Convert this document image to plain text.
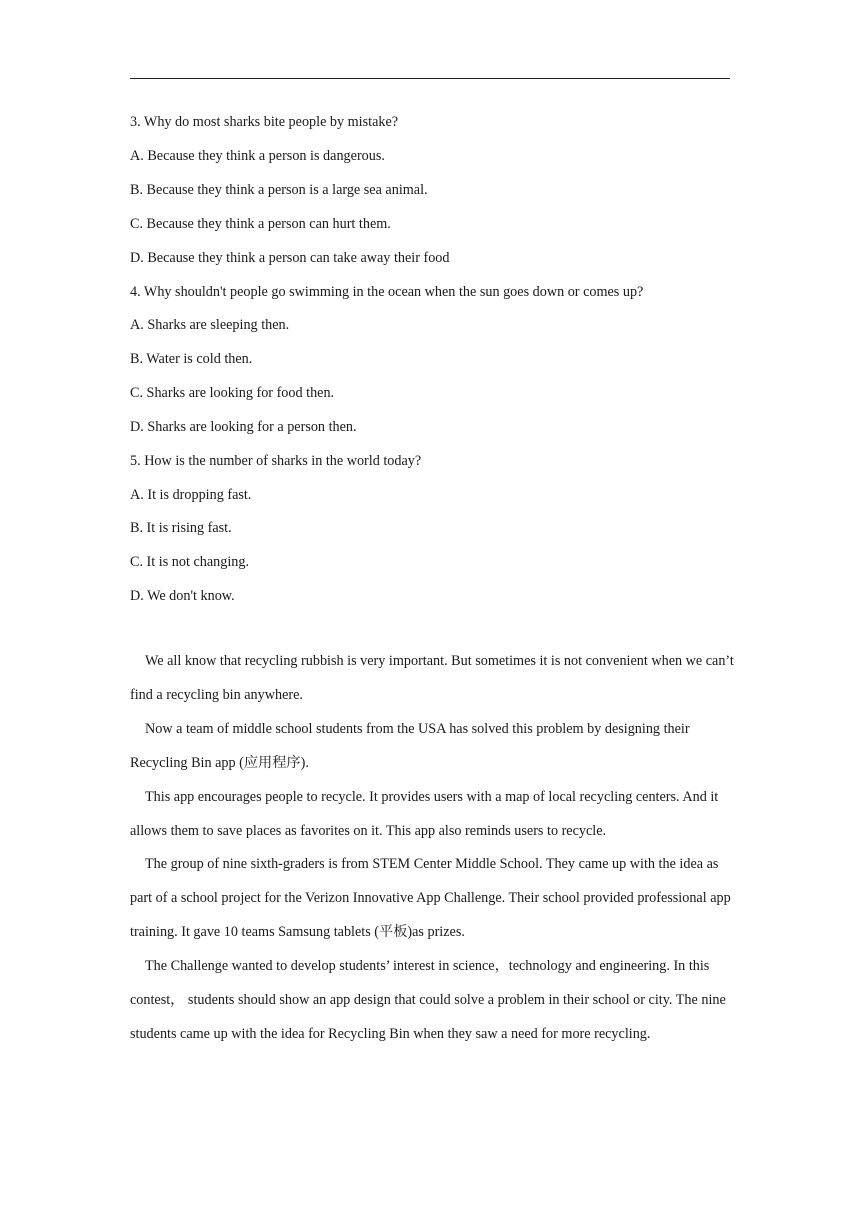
3. Why do most sharks bite people by mistake?
A. Because they think a person is dangerous.
B. Because they think a person is a large sea animal.
C. Because they think a person can hurt them.
D. Because they think a person can take away their food
4. Why shouldn't people go swimming in the ocean when the sun goes down or comes up?
A. Sharks are sleeping then.
B. Water is cold then.
C. Sharks are looking for food then.
D. Sharks are looking for a person then.
5. How is the number of sharks in the world today?
A. It is dropping fast.
B. It is rising fast.
C. It is not changing.
D. We don't know.

We all know that recycling rubbish is very important. But sometimes it is not convenient when we can’t find a recycling bin anywhere.

Now a team of middle school students from the USA has solved this problem by designing their Recycling Bin app (应用程序).

This app encourages people to recycle. It provides users with a map of local recycling centers. And it allows them to save places as favorites on it. This app also reminds users to recycle.

The group of nine sixth-graders is from STEM Center Middle School. They came up with the idea as part of a school project for the Verizon Innovative App Challenge. Their school provided professional app training. It gave 10 teams Samsung tablets (平板)as prizes.

The Challenge wanted to develop students’ interest in science，technology and engineering. In this contest， students should show an app design that could solve a problem in their school or city. The nine students came up with the idea for Recycling Bin when they saw a need for more recycling.
